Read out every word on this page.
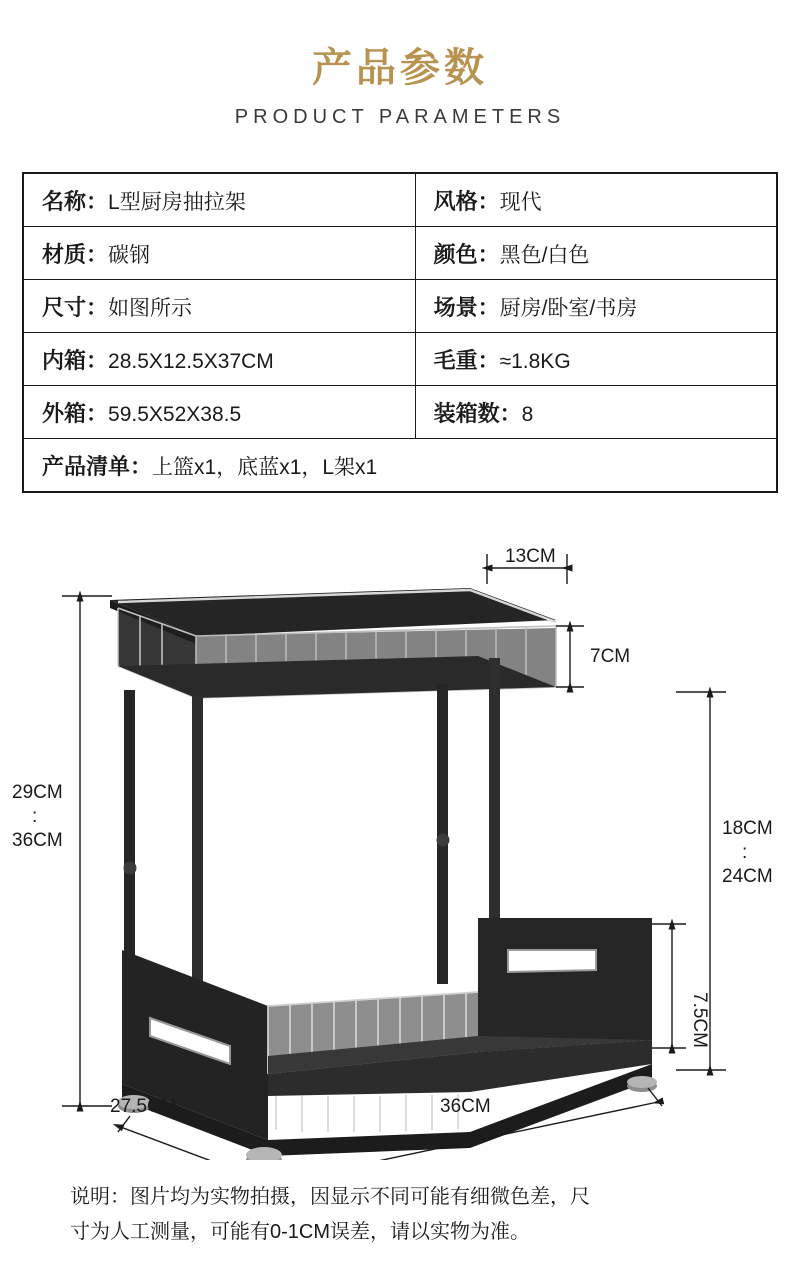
产品参数
PRODUCT PARAMETERS
名称：L型厨房抽拉架	风格：现代
材质：碳钢	颜色：黑色/白色
尺寸：如图所示	场景：厨房/卧室/书房
内箱：28.5X12.5X37CM	毛重：≈1.8KG
外箱：59.5X52X38.5	装箱数：8
产品清单：上篮x1，底蓝x1，L架x1	
13CM
7CM
29CM
:
36CM
18CM
:
24CM
7.5CM
27.5CM	36CM
说明：图片均为实物拍摄，因显示不同可能有细微色差，尺
寸为人工测量，可能有0-1CM误差，请以实物为准。
